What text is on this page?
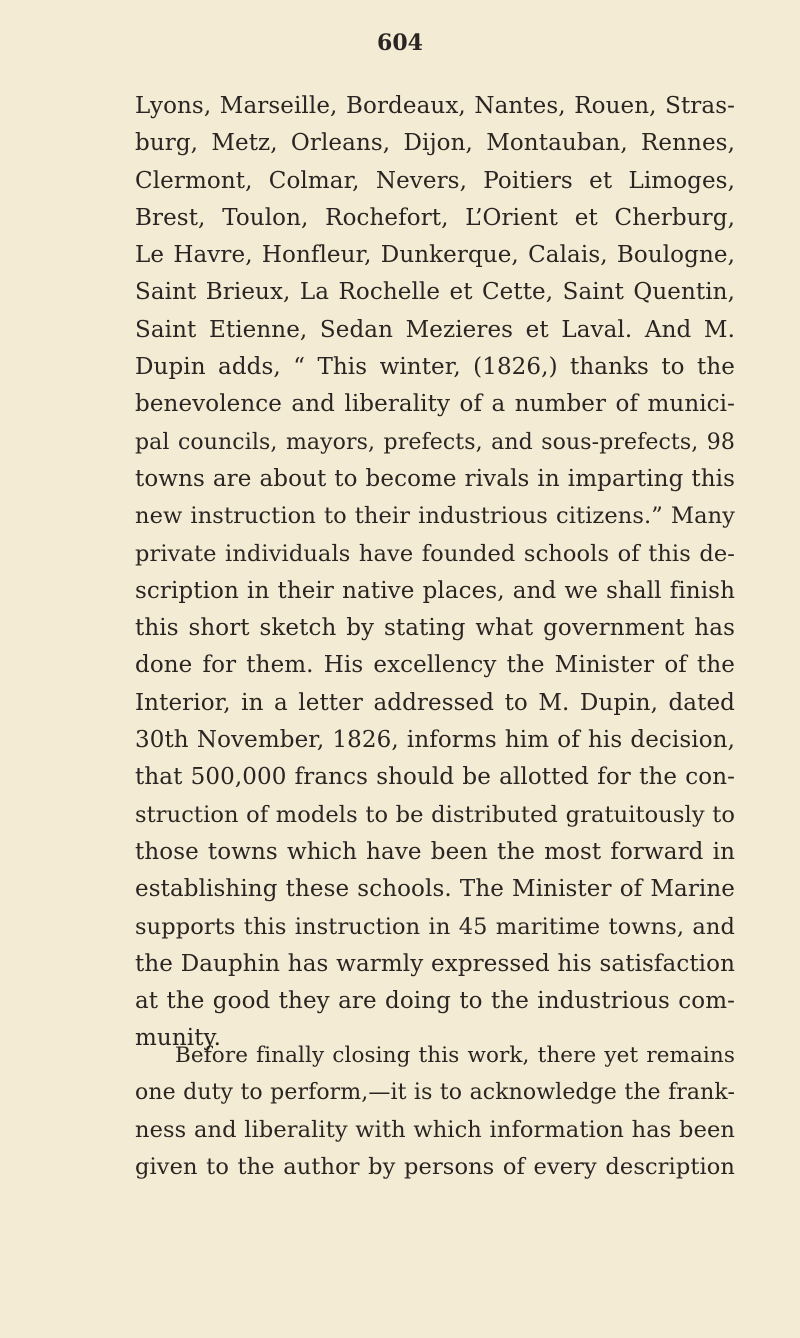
604
Lyons, Marseille, Bordeaux, Nantes, Rouen, Stras-
burg, Metz, Orleans, Dijon, Montauban, Rennes,
Clermont, Colmar, Nevers, Poitiers et Limoges,
Brest, Toulon, Rochefort, L’Orient et Cherburg,
Le Havre, Honfleur, Dunkerque, Calais, Boulogne,
Saint Brieux, La Rochelle et Cette, Saint Quentin,
Saint Etienne, Sedan Mezieres et Laval. And M.
Dupin adds, “ This winter, (1826,) thanks to the
benevolence and liberality of a number of munici-
pal councils, mayors, prefects, and sous-prefects, 98
towns are about to become rivals in imparting this
new instruction to their industrious citizens.” Many
private individuals have founded schools of this de-
scription in their native places, and we shall finish
this short sketch by stating what government has
done for them. His excellency the Minister of the
Interior, in a letter addressed to M. Dupin, dated
30th November, 1826, informs him of his decision,
that 500,000 francs should be allotted for the con-
struction of models to be distributed gratuitously to
those towns which have been the most forward in
establishing these schools. The Minister of Marine
supports this instruction in 45 maritime towns, and
the Dauphin has warmly expressed his satisfaction
at the good they are doing to the industrious com-
munity.
Before finally closing this work, there yet remains
one duty to perform,—it is to acknowledge the frank-
ness and liberality with which information has been
given to the author by persons of every description
